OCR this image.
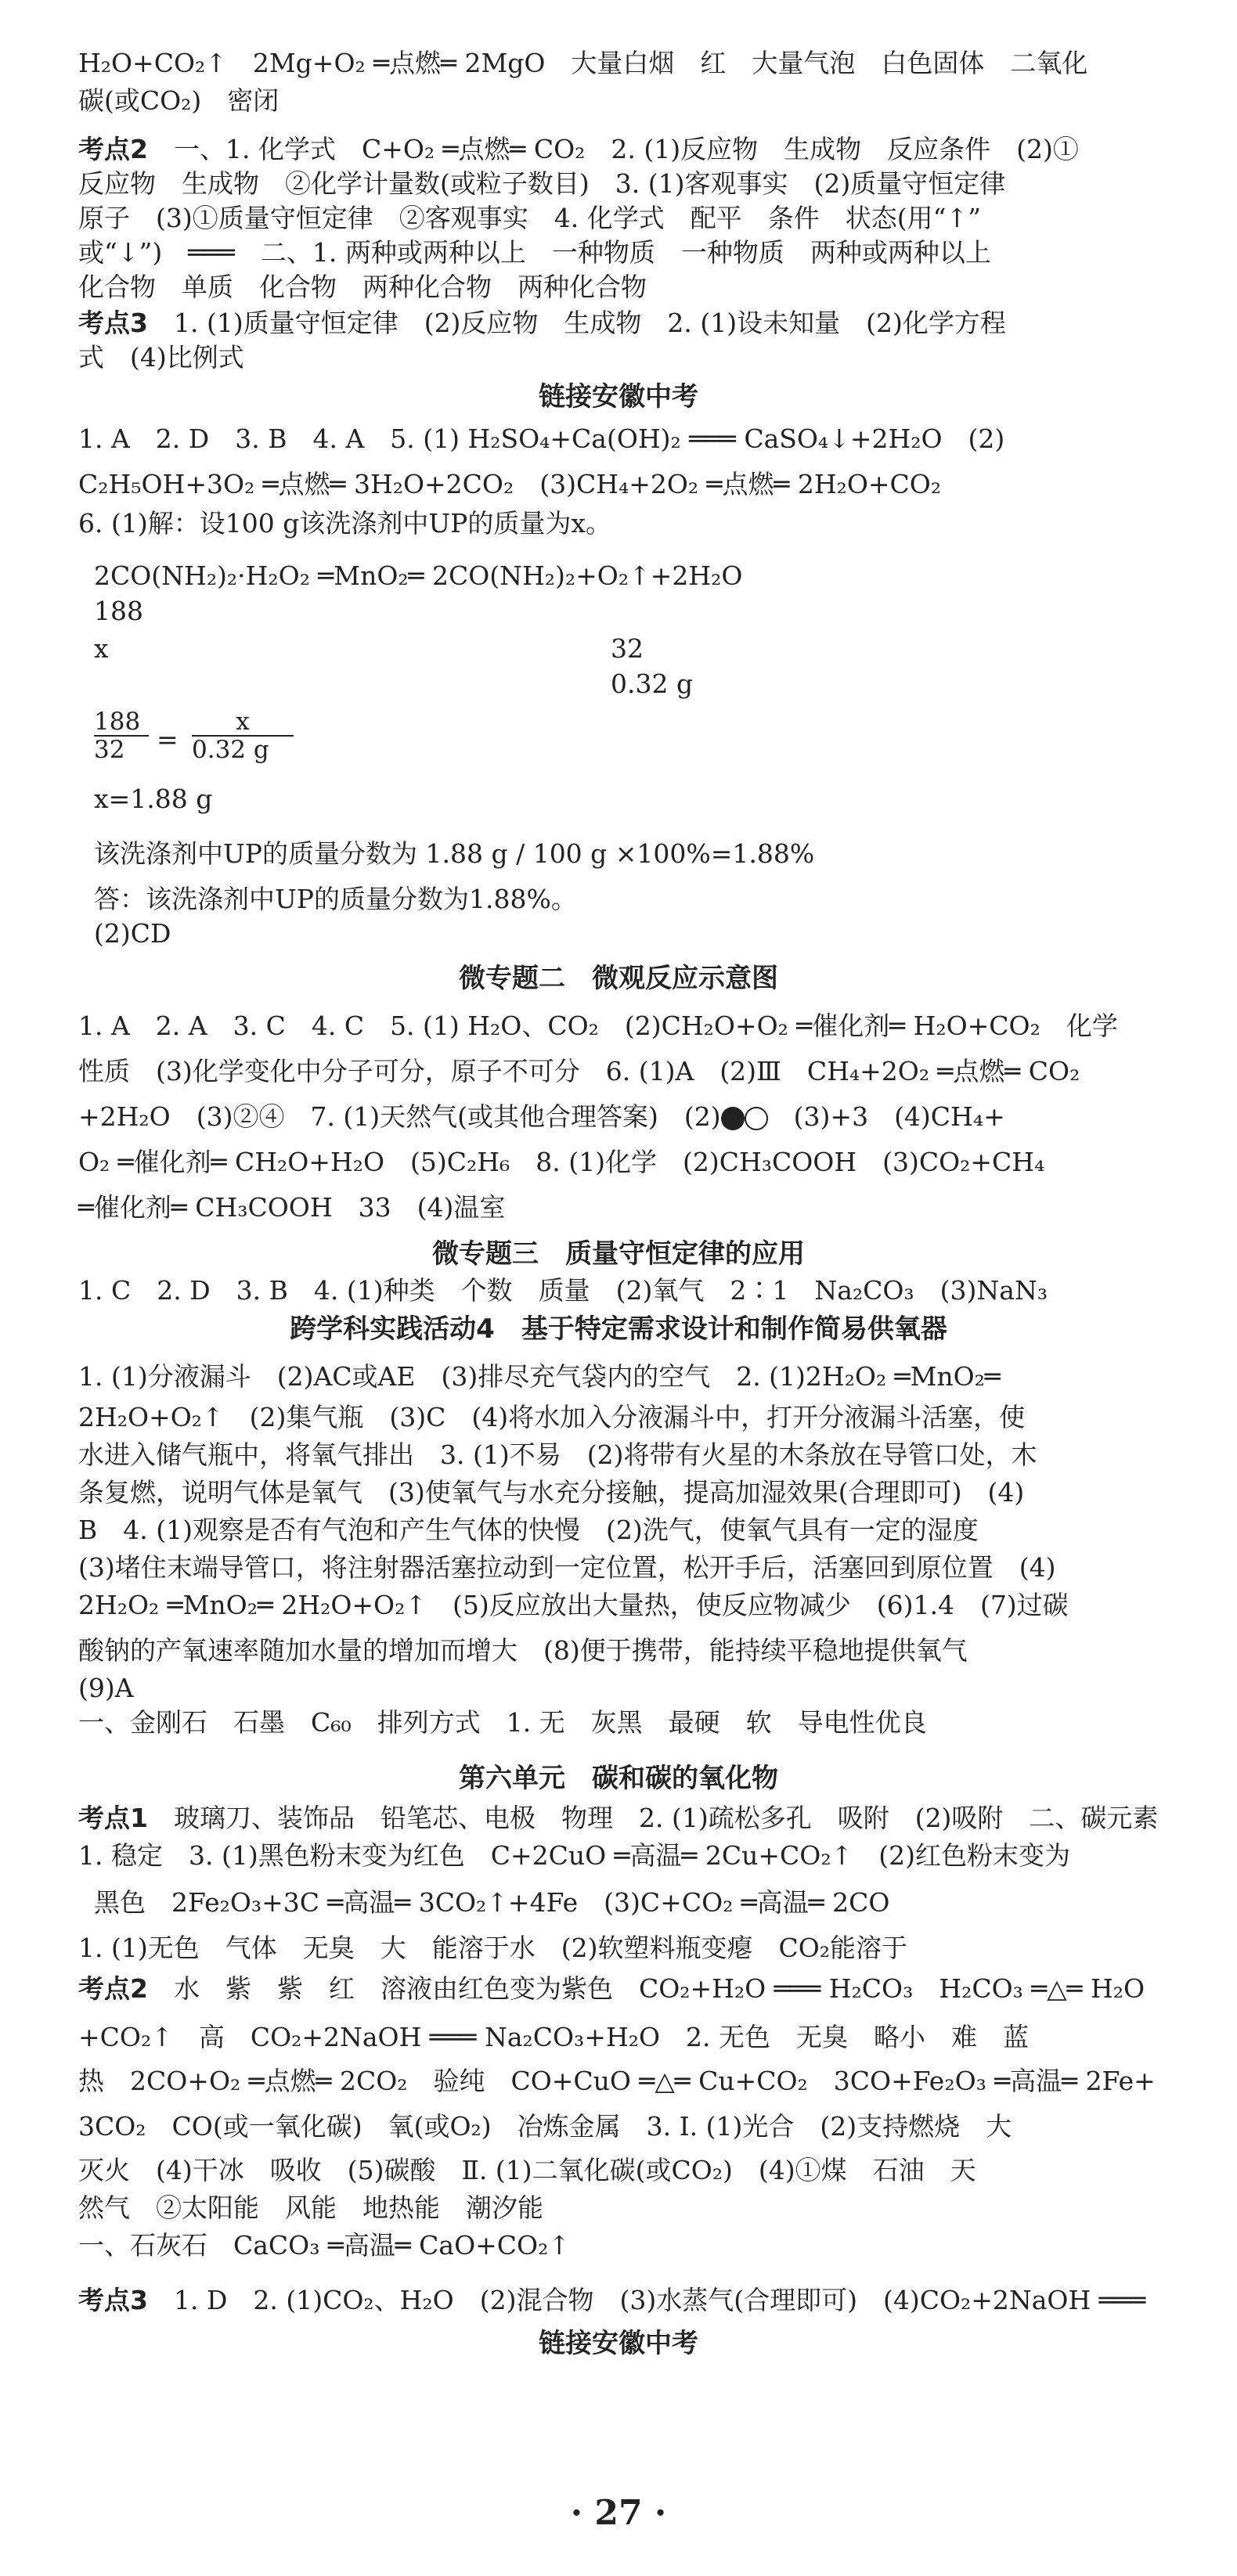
H₂O+CO₂↑　2Mg+O₂ ═点燃═ 2MgO　大量白烟　红　大量气泡　白色固体　二氧化
碳(或CO₂)　密闭
考点2　 一、1. 化学式　C+O₂ ═点燃═ CO₂　2. (1)反应物　生成物　反应条件　(2)①
反应物　生成物　②化学计量数(或粒子数目)　3. (1)客观事实　(2)质量守恒定律
原子　(3)①质量守恒定律　②客观事实　4. 化学式　配平　条件　状态(用“↑”
或“↓”)　═══　二、1. 两种或两种以上　一种物质　一种物质　两种或两种以上
化合物　单质　化合物　两种化合物　两种化合物
考点3　 1. (1)质量守恒定律　(2)反应物　生成物　2. (1)设未知量　(2)化学方程
式　(4)比例式
链接安徽中考
1. A　2. D　3. B　4. A　5. (1) H₂SO₄+Ca(OH)₂ ═══ CaSO₄↓+2H₂O　(2)
C₂H₅OH+3O₂ ═点燃═ 3H₂O+2CO₂　(3)CH₄+2O₂ ═点燃═ 2H₂O+CO₂
6. (1)解：设100 g该洗涤剂中UP的质量为x。
2CO(NH₂)₂·H₂O₂ ═MnO₂═ 2CO(NH₂)₂+O₂↑+2H₂O
188
32
x
0.32 g
188
32	=
x
0.32 g
x=1.88 g
该洗涤剂中UP的质量分数为 1.88 g / 100 g ×100%=1.88%
答：该洗涤剂中UP的质量分数为1.88%。
(2)CD
微专题二　微观反应示意图
1. A　2. A　3. C　4. C　5. (1) H₂O、CO₂　(2)CH₂O+O₂ ═催化剂═ H₂O+CO₂　化学
性质　(3)化学变化中分子可分，原子不可分　6. (1)A　(2)Ⅲ　CH₄+2O₂ ═点燃═ CO₂
+2H₂O　(3)②④　7. (1)天然气(或其他合理答案)　(2)　	(3)+3　(4)CH₄+
O₂ ═催化剂═ CH₂O+H₂O　(5)C₂H₆　8. (1)化学　(2)CH₃COOH　(3)CO₂+CH₄
═催化剂═ CH₃COOH　33　(4)温室
微专题三　质量守恒定律的应用
1. C　2. D　3. B　4. (1)种类　个数　质量　(2)氧气　2∶1　Na₂CO₃　(3)NaN₃
跨学科实践活动4　基于特定需求设计和制作简易供氧器
1. (1)分液漏斗　(2)AC或AE　(3)排尽充气袋内的空气　2. (1)2H₂O₂ ═MnO₂═
2H₂O+O₂↑　(2)集气瓶　(3)C　(4)将水加入分液漏斗中，打开分液漏斗活塞，使
水进入储气瓶中，将氧气排出　3. (1)不易　(2)将带有火星的木条放在导管口处，木
条复燃，说明气体是氧气　(3)使氧气与水充分接触，提高加湿效果(合理即可)　(4)
B　4. (1)观察是否有气泡和产生气体的快慢　(2)洗气，使氧气具有一定的湿度
(3)堵住末端导管口，将注射器活塞拉动到一定位置，松开手后，活塞回到原位置　(4)
2H₂O₂ ═MnO₂═ 2H₂O+O₂↑　(5)反应放出大量热，使反应物减少　(6)1.4　(7)过碳
酸钠的产氧速率随加水量的增加而增大　(8)便于携带，能持续平稳地提供氧气
(9)A
一、金刚石　石墨　C₆₀　排列方式　1. 无　灰黑　最硬　软　导电性优良
第六单元　碳和碳的氧化物
考点1　 玻璃刀、装饰品　铅笔芯、电极　物理　2. (1)疏松多孔　吸附　(2)吸附　二、碳元素
1. 稳定　3. (1)黑色粉末变为红色　C+2CuO ═高温═ 2Cu+CO₂↑　(2)红色粉末变为
黑色　2Fe₂O₃+3C ═高温═ 3CO₂↑+4Fe　(3)C+CO₂ ═高温═ 2CO
1. (1)无色　气体　无臭　大　能溶于水　(2)软塑料瓶变瘪　CO₂能溶于
考点2　 水　紫　紫　红　溶液由红色变为紫色　CO₂+H₂O ═══ H₂CO₃　H₂CO₃ ═△═ H₂O
+CO₂↑　高　CO₂+2NaOH ═══ Na₂CO₃+H₂O　2. 无色　无臭　略小　难　蓝
热　2CO+O₂ ═点燃═ 2CO₂　验纯　CO+CuO ═△═ Cu+CO₂　3CO+Fe₂O₃ ═高温═ 2Fe+
3CO₂　CO(或一氧化碳)　氧(或O₂)　冶炼金属　3. Ⅰ. (1)光合　(2)支持燃烧　大
灭火　(4)干冰　吸收　(5)碳酸　Ⅱ. (1)二氧化碳(或CO₂)　(4)①煤　石油　天
然气　②太阳能　风能　地热能　潮汐能
一、石灰石　CaCO₃ ═高温═ CaO+CO₂↑
考点3　 1. D　2. (1)CO₂、H₂O　(2)混合物　(3)水蒸气(合理即可)　(4)CO₂+2NaOH ═══
链接安徽中考
· 27 ·
